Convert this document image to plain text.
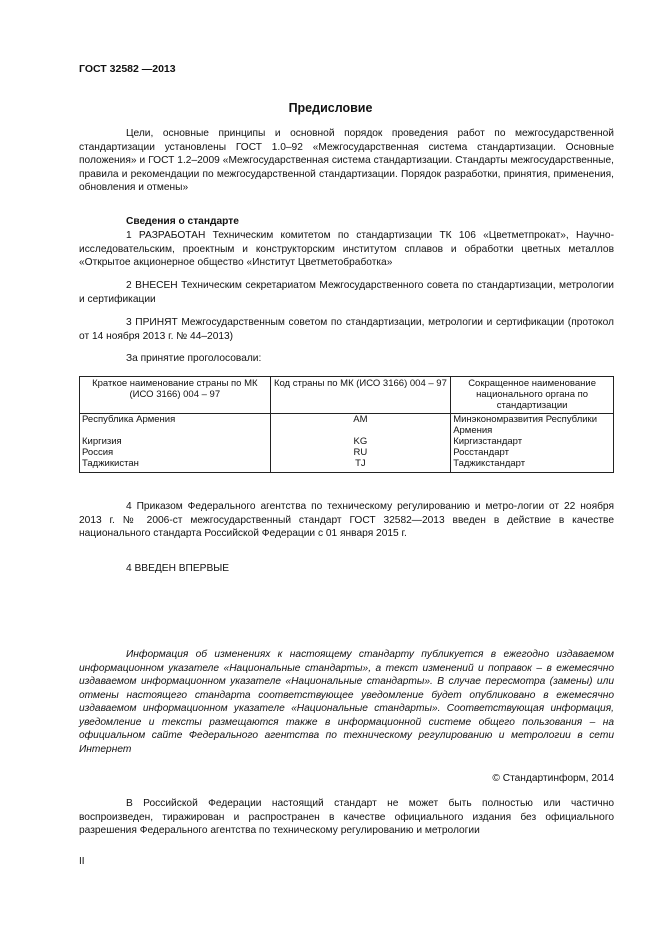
ГОСТ 32582 —2013
Предисловие
Цели, основные принципы и основной порядок проведения работ по межгосударственной стандартизации установлены ГОСТ 1.0–92 «Межгосударственная система стандартизации. Основные положения» и ГОСТ 1.2–2009 «Межгосударственная система стандартизации. Стандарты межгосударственные, правила и рекомендации по межгосударственной стандартизации. Порядок разработки, принятия, применения, обновления и отмены»
Сведения о стандарте
1 РАЗРАБОТАН Техническим комитетом по стандартизации ТК 106 «Цветметпрокат», Научно-исследовательским, проектным и конструкторским институтом сплавов и обработки цветных металлов «Открытое акционерное общество «Институт Цветметобработка»
2 ВНЕСЕН Техническим секретариатом Межгосударственного совета по стандартизации, метрологии и сертификации
3 ПРИНЯТ Межгосударственным советом по стандартизации, метрологии и сертификации (протокол от 14 ноября 2013 г. № 44–2013)
За принятие проголосовали:
Краткое наименование страны по МК (ИСО 3166) 004 – 97	Код страны по МК (ИСО 3166) 004 – 97	Сокращенное наименование национального органа по стандартизации
Республика Армения	AM	Минэкономразвития Республики Армения
Киргизия	KG	Киргизстандарт
Россия	RU	Росстандарт
Таджикистан	TJ	Таджикстандарт
4 Приказом Федерального агентства по техническому регулированию и метро-логии от 22 ноября 2013 г. № 2006-ст межгосударственный стандарт ГОСТ 32582—2013 введен в действие в качестве национального стандарта Российской Федерации с 01 января 2015 г.
4 ВВЕДЕН ВПЕРВЫЕ
Информация об изменениях к настоящему стандарту публикуется в ежегодно издаваемом информационном указателе «Национальные стандарты», а текст изменений и поправок – в ежемесячно издаваемом информационном указателе «Национальные стандарты». В случае пересмотра (замены) или отмены настоящего стандарта соответствующее уведомление будет опубликовано в ежемесячно издаваемом информационном указателе «Национальные стандарты». Соответствующая информация, уведомление и тексты размещаются также в информационной системе общего пользования – на официальном сайте Федерального агентства по техническому регулированию и метрологии в сети Интернет
© Стандартинформ, 2014
В Российской Федерации настоящий стандарт не может быть полностью или частично воспроизведен, тиражирован и распространен в качестве официального издания без официального разрешения Федерального агентства по техническому регулированию и метрологии
II
